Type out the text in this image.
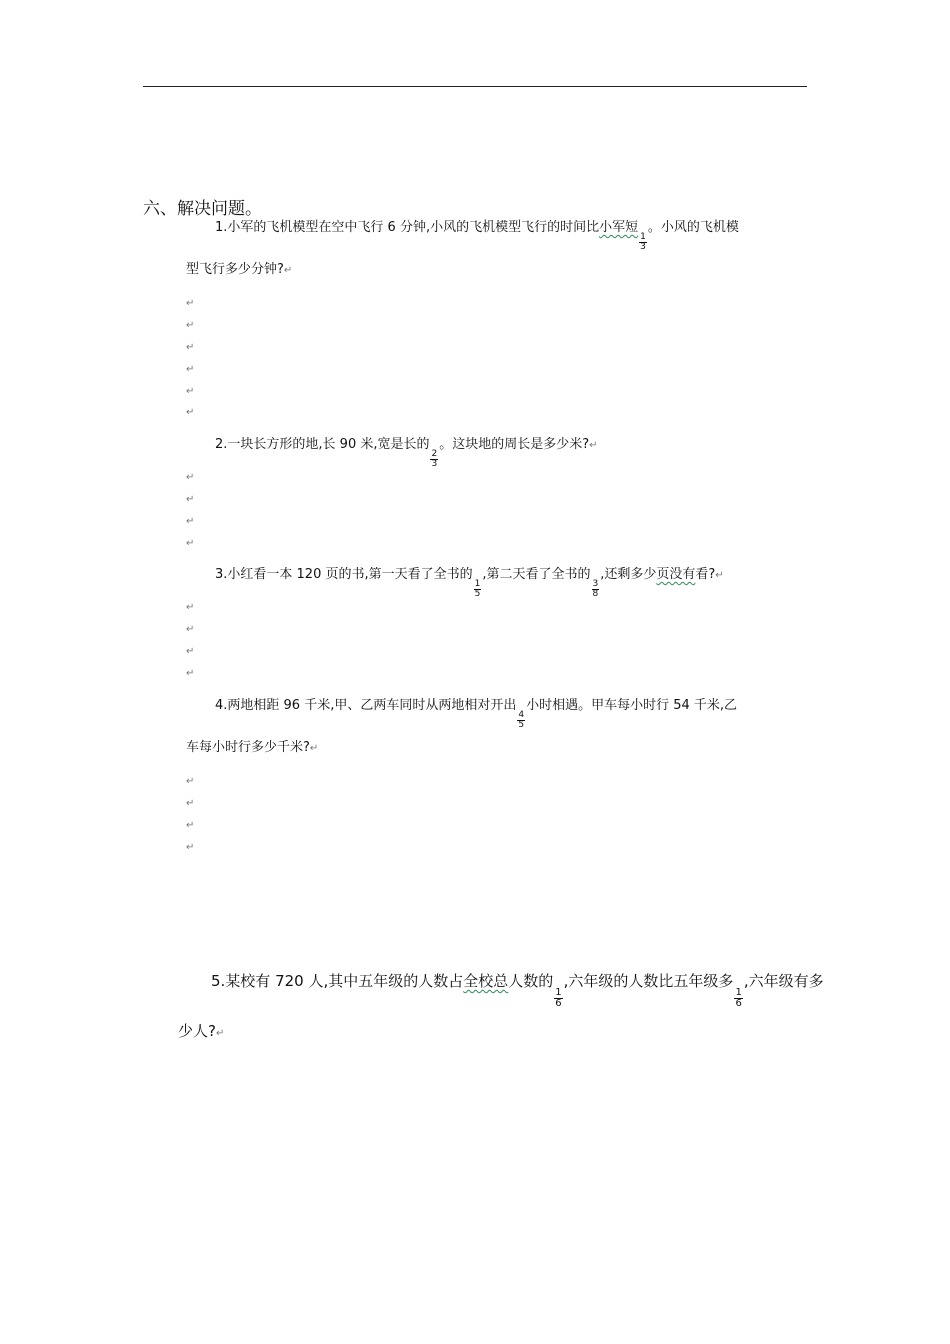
六、解决问题。
1.小军的飞机模型在空中飞行 6 分钟,小风的飞机模型飞行的时间比小军短
$\frac{1}{3}$
。小风的飞机模
型飞行多少分钟?↵
↵
↵
↵
↵
↵
↵
2.一块长方形的地,长 90 米,宽是长的
$\frac{2}{3}$
。这块地的周长是多少米?↵
↵
↵
↵
↵
3.小红看一本 120 页的书,第一天看了全书的
$\frac{1}{5}$
,第二天看了全书的
$\frac{3}{8}$
,还剩多少页没有看?↵
↵
↵
↵
↵
4.两地相距 96 千米,甲、乙两车同时从两地相对开出
$\frac{4}{5}$
小时相遇。甲车每小时行 54 千米,乙
车每小时行多少千米?↵
↵
↵
↵
↵
5.某校有 720 人,其中五年级的人数占全校总人数的
$\frac{1}{6}$
,六年级的人数比五年级多
$\frac{1}{6}$
,六年级有多
少人?↵
